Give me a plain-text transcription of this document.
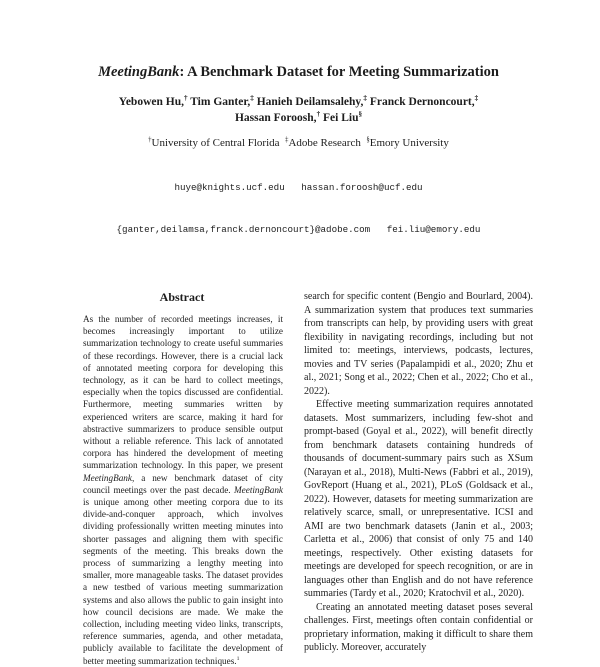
MeetingBank: A Benchmark Dataset for Meeting Summarization
Yebowen Hu,† Tim Ganter,‡ Hanieh Deilamsalehy,‡ Franck Dernoncourt,‡
Hassan Foroosh,† Fei Liu§
†University of Central Florida  ‡Adobe Research  §Emory University

huye@knights.ucf.edu   hassan.foroosh@ucf.edu

{ganter,deilamsa,franck.dernoncourt}@adobe.com   fei.liu@emory.edu

Abstract
As the number of recorded meetings increases, it becomes increasingly important to utilize summarization technology to create useful summaries of these recordings. However, there is a crucial lack of annotated meeting corpora for developing this technology, as it can be hard to collect meetings, especially when the topics discussed are confidential. Furthermore, meeting summaries written by experienced writers are scarce, making it hard for abstractive summarizers to produce sensible output without a reliable reference. This lack of annotated corpora has hindered the development of meeting summarization technology. In this paper, we present MeetingBank, a new benchmark dataset of city council meetings over the past decade. MeetingBank is unique among other meeting corpora due to its divide-and-conquer approach, which involves dividing professionally written meeting minutes into shorter passages and aligning them with specific segments of the meeting. This breaks down the process of summarizing a lengthy meeting into smaller, more manageable tasks. The dataset provides a new testbed of various meeting summarization systems and also allows the public to gain insight into how council decisions are made. We make the collection, including meeting video links, transcripts, reference summaries, agenda, and other metadata, publicly available to facilitate the development of better meeting summarization techniques.$^1$

search for specific content (Bengio and Bourlard, 2004). A summarization system that produces text summaries from transcripts can help, by providing users with great flexibility in navigating recordings, including but not limited to: meetings, interviews, podcasts, lectures, movies and TV series (Papalampidi et al., 2020; Zhu et al., 2021; Song et al., 2022; Chen et al., 2022; Cho et al., 2022).

Effective meeting summarization requires annotated datasets. Most summarizers, including few-shot and prompt-based (Goyal et al., 2022), will benefit directly from benchmark datasets containing hundreds of thousands of document-summary pairs such as XSum (Narayan et al., 2018), Multi-News (Fabbri et al., 2019), GovReport (Huang et al., 2021), PLoS (Goldsack et al., 2022). However, datasets for meeting summarization are relatively scarce, small, or unrepresentative. ICSI and AMI are two benchmark datasets (Janin et al., 2003; Carletta et al., 2006) that consist of only 75 and 140 meetings, respectively. Other existing datasets for meetings are developed for speech recognition, or are in languages other than English and do not have reference summaries (Tardy et al., 2020; Kratochvil et al., 2020).

Creating an annotated meeting dataset poses several challenges. First, meetings often contain confidential or proprietary information, making it difficult to share them publicly. Moreover, accurately
